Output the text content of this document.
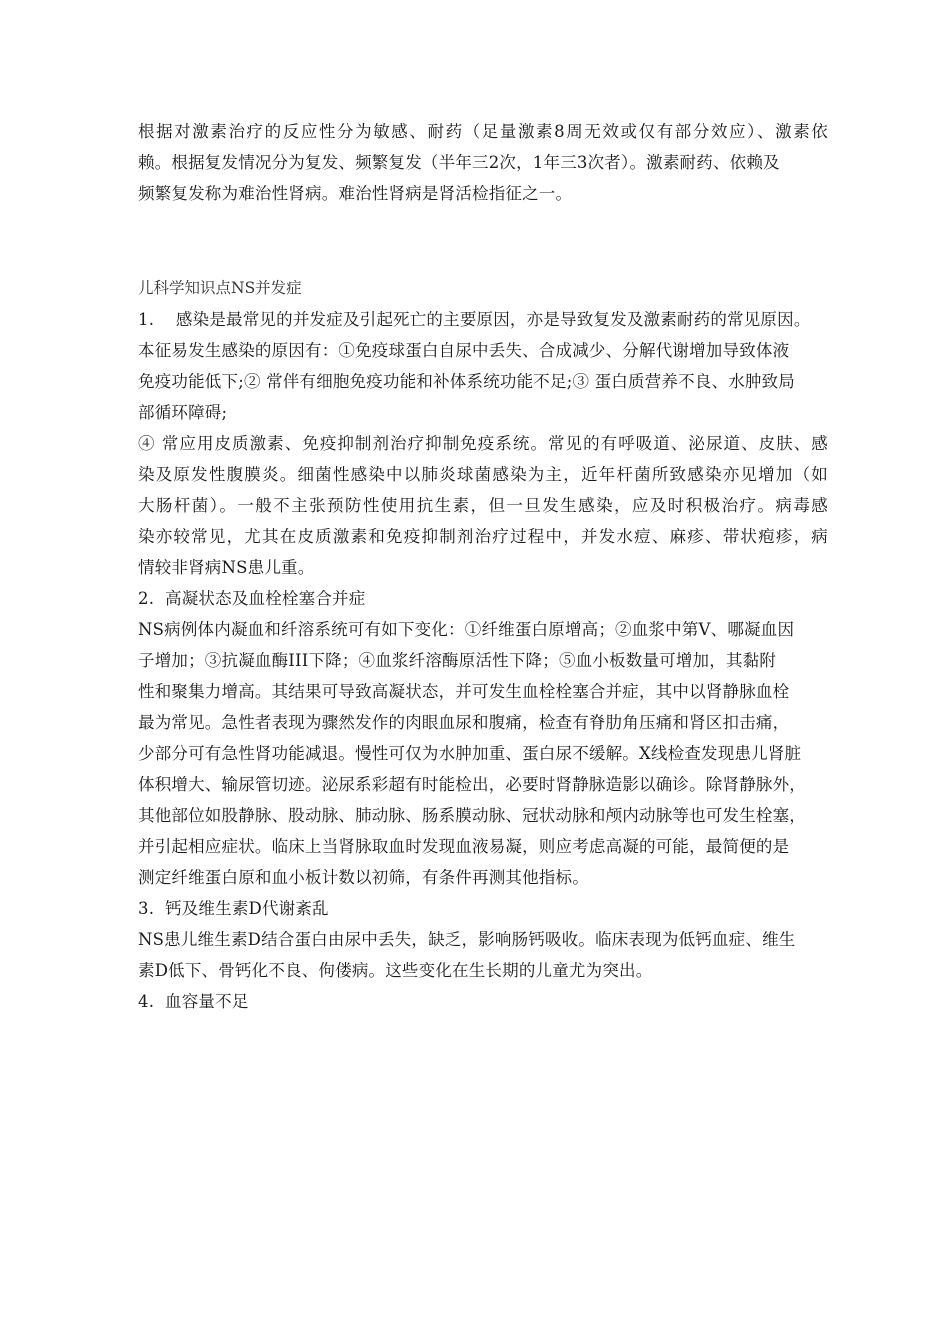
根据对激素治疗的反应性分为敏感、耐药（足量激素8周无效或仅有部分效应）、激素依
赖。根据复发情况分为复发、频繁复发（半年三2次，1年三3次者）。激素耐药、依赖及
频繁复发称为难治性肾病。难治性肾病是肾活检指征之一。
儿科学知识点NS并发症
1.    感染是最常见的并发症及引起死亡的主要原因，亦是导致复发及激素耐药的常见原因。
本征易发生感染的原因有：①免疫球蛋白自尿中丢失、合成减少、分解代谢增加导致体液
免疫功能低下;② 常伴有细胞免疫功能和补体系统功能不足;③ 蛋白质营养不良、水肿致局
部循环障碍;
④ 常应用皮质激素、免疫抑制剂治疗抑制免疫系统。常见的有呼吸道、泌尿道、皮肤、感
染及原发性腹膜炎。细菌性感染中以肺炎球菌感染为主，近年杆菌所致感染亦见增加（如
大肠杆菌）。一般不主张预防性使用抗生素，但一旦发生感染，应及时积极治疗。病毒感
染亦较常见，尤其在皮质激素和免疫抑制剂治疗过程中，并发水痘、麻疹、带状疱疹，病
情较非肾病NS患儿重。
2.  高凝状态及血栓栓塞合并症
NS病例体内凝血和纤溶系统可有如下变化：①纤维蛋白原增高；②血浆中第V、哪凝血因
子增加；③抗凝血酶III下降；④血浆纤溶酶原活性下降；⑤血小板数量可增加，其黏附
性和聚集力增高。其结果可导致高凝状态，并可发生血栓栓塞合并症，其中以肾静脉血栓
最为常见。急性者表现为骤然发作的肉眼血尿和腹痛，检查有脊肋角压痛和肾区扣击痛，
少部分可有急性肾功能减退。慢性可仅为水肿加重、蛋白尿不缓解。X线检查发现患儿肾脏
体积增大、输尿管切迹。泌尿系彩超有时能检出，必要时肾静脉造影以确诊。除肾静脉外，
其他部位如股静脉、股动脉、肺动脉、肠系膜动脉、冠状动脉和颅内动脉等也可发生栓塞，
并引起相应症状。临床上当肾脉取血时发现血液易凝，则应考虑高凝的可能，最简便的是
测定纤维蛋白原和血小板计数以初筛，有条件再测其他指标。
3.  钙及维生素D代谢紊乱
NS患儿维生素D结合蛋白由尿中丢失，缺乏，影响肠钙吸收。临床表现为低钙血症、维生
素D低下、骨钙化不良、佝偻病。这些变化在生长期的儿童尤为突出。
4.  血容量不足
